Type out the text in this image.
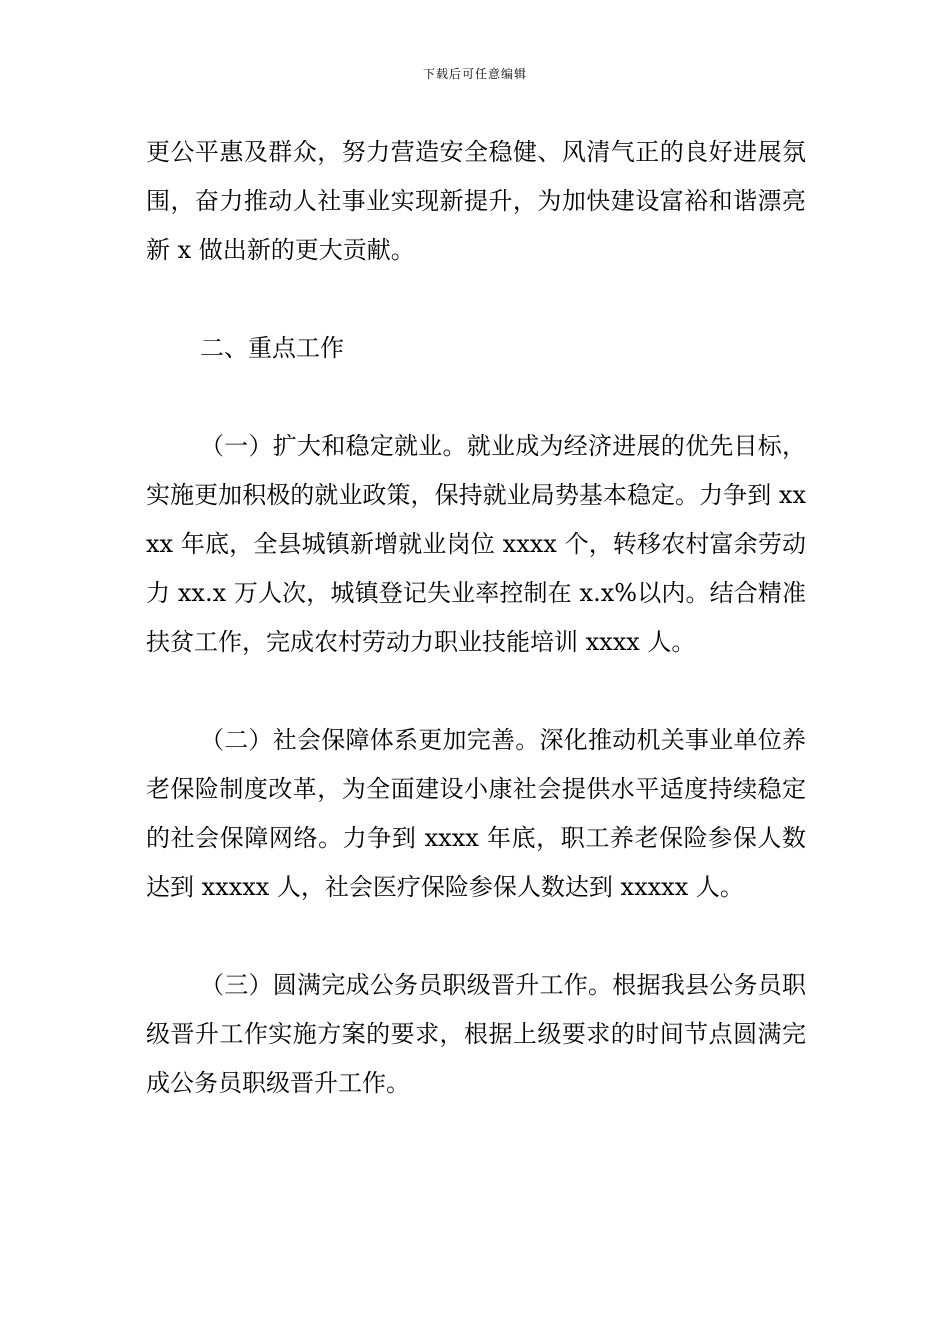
下载后可任意编辑

更公平惠及群众，努力营造安全稳健、风清气正的良好进展氛围，奋力推动人社事业实现新提升，为加快建设富裕和谐漂亮新 x 做出新的更大贡献。

二、重点工作

（一）扩大和稳定就业。就业成为经济进展的优先目标，实施更加积极的就业政策，保持就业局势基本稳定。力争到 xxxx 年底，全县城镇新增就业岗位 xxxx 个，转移农村富余劳动力 xx.x 万人次，城镇登记失业率控制在 x.x%以内。结合精准扶贫工作，完成农村劳动力职业技能培训 xxxx 人。

（二）社会保障体系更加完善。深化推动机关事业单位养老保险制度改革，为全面建设小康社会提供水平适度持续稳定的社会保障网络。力争到 xxxx 年底，职工养老保险参保人数达到 xxxxx 人，社会医疗保险参保人数达到 xxxxx 人。

（三）圆满完成公务员职级晋升工作。根据我县公务员职级晋升工作实施方案的要求，根据上级要求的时间节点圆满完成公务员职级晋升工作。
